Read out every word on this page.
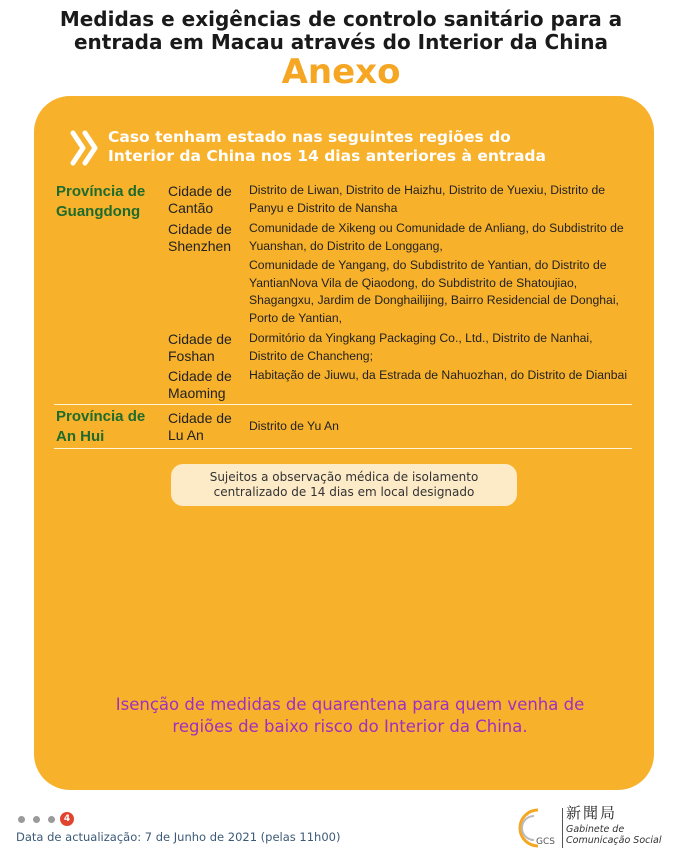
Medidas e exigências de controlo sanitário para a
entrada em Macau através do Interior da China
Anexo
Caso tenham estado nas seguintes regiões do
Interior da China nos 14 dias anteriores à entrada
Província de
Guangdong
Cidade de
Cantão
Distrito de Liwan, Distrito de Haizhu, Distrito de Yuexiu, Distrito de Panyu e Distrito de Nansha
Cidade de
Shenzhen
Comunidade de Xikeng ou Comunidade de Anliang, do Subdistrito de Yuanshan, do Distrito de Longgang,
Comunidade de Yangang, do Subdistrito de Yantian, do Distrito de YantianNova Vila de Qiaodong, do Subdistrito de Shatoujiao, Shagangxu, Jardim de Donghailijing, Bairro Residencial de Donghai, Porto de Yantian,
Cidade de
Foshan
Dormitório da Yingkang Packaging Co., Ltd., Distrito de Nanhai, Distrito de Chancheng;
Cidade de
Maoming
Habitação de Jiuwu, da Estrada de Nahuozhan, do Distrito de Dianbai
Província de
An Hui
Cidade de
Lu An
Distrito de Yu An
Sujeitos a observação médica de isolamento
centralizado de 14 dias em local designado
Isenção de medidas de quarentena para quem venha de
regiões de baixo risco do Interior da China.
4
Data de actualização: 7 de Junho de 2021 (pelas 11h00)	GCS
新聞局
Gabinete de
Comunicação Social
